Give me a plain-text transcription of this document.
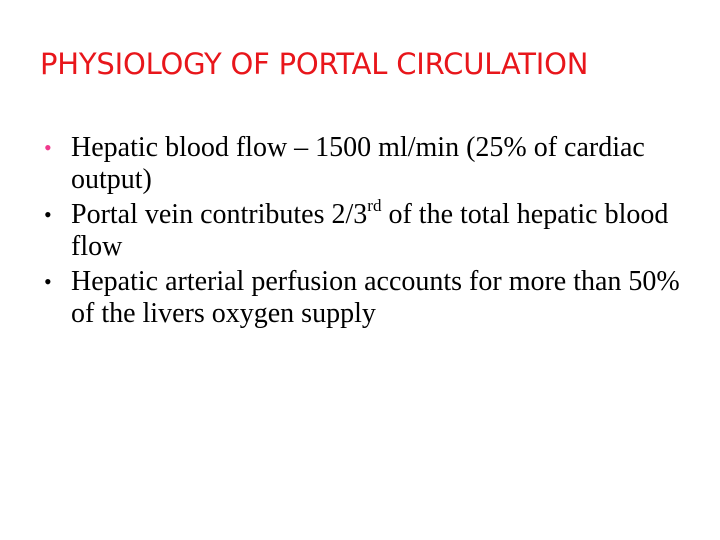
PHYSIOLOGY OF PORTAL CIRCULATION
• Hepatic blood flow – 1500 ml/min (25% of cardiac output)
• Portal vein contributes 2/3rd of the total hepatic blood flow
• Hepatic arterial perfusion accounts for more than 50% of the livers oxygen supply
